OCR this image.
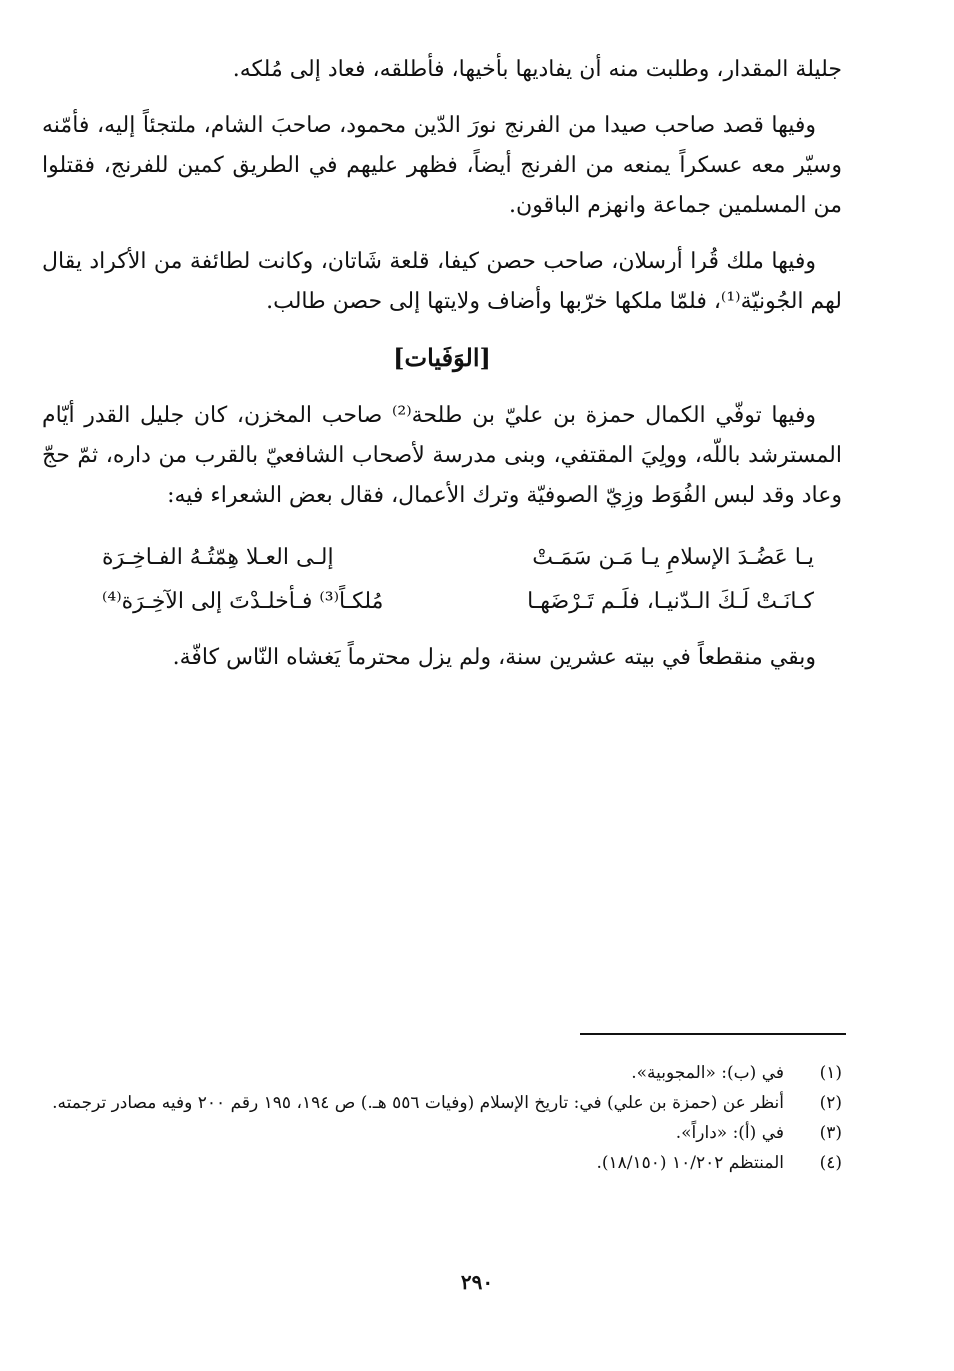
جليلة المقدار، وطلبت منه أن يفاديها بأخيها، فأطلقه، فعاد إلى مُلكه.

وفيها قصد صاحب صيدا من الفرنج نورَ الدّين محمود، صاحبَ الشام، ملتجئاً إليه، فأمّنه وسيّر معه عسكراً يمنعه من الفرنج أيضاً، فظهر عليهم في الطريق كمين للفرنج، فقتلوا من المسلمين جماعة وانهزم الباقون.

وفيها ملك قُرا أرسلان، صاحب حصن كيفا، قلعة شَاتان، وكانت لطائفة من الأكراد يقال لهم الجُونيّة⁽¹⁾، فلمّا ملكها خرّبها وأضاف ولايتها إلى حصن طالب.

[الوَفَيات]

وفيها توفّي الكمال حمزة بن عليّ بن طلحة⁽²⁾ صاحب المخزن، كان جليل القدر أيّام المسترشد باللّه، وولِيَ المقتفي، وبنى مدرسة لأصحاب الشافعيّ بالقرب من داره، ثمّ حجّ وعاد وقد لبس الفُوَط وزِيّ الصوفيّة وترك الأعمال، فقال بعض الشعراء فيه:

يـا عَضُـدَ الإسلامِ يـا مَـن سَمَـتْ
إلـى العـلا هِمّتُـهُ الفـاخِـرَة
كـانَـتْ لَـكَ الـدّنيـا، فلَـم تَـرْضَهـا
مُلكـاً⁽³⁾ فـأخلـدْتَ إلى الآخِـرَة⁽⁴⁾

وبقي منقطعاً في بيته عشرين سنة، ولم يزل محترماً يَغشاه النّاس كافّة.

(١)
في (ب): «المجوبية».
(٢)
أنظر عن (حمزة بن علي) في: تاريخ الإسلام (وفيات ٥٥٦ هـ.) ص ١٩٤، ١٩٥ رقم ٢٠٠ وفيه مصادر ترجمته.
(٣)
في (أ): «داراً».
(٤)
المنتظم ١٠/٢٠٢ (١٨/١٥٠).
٢٩٠
